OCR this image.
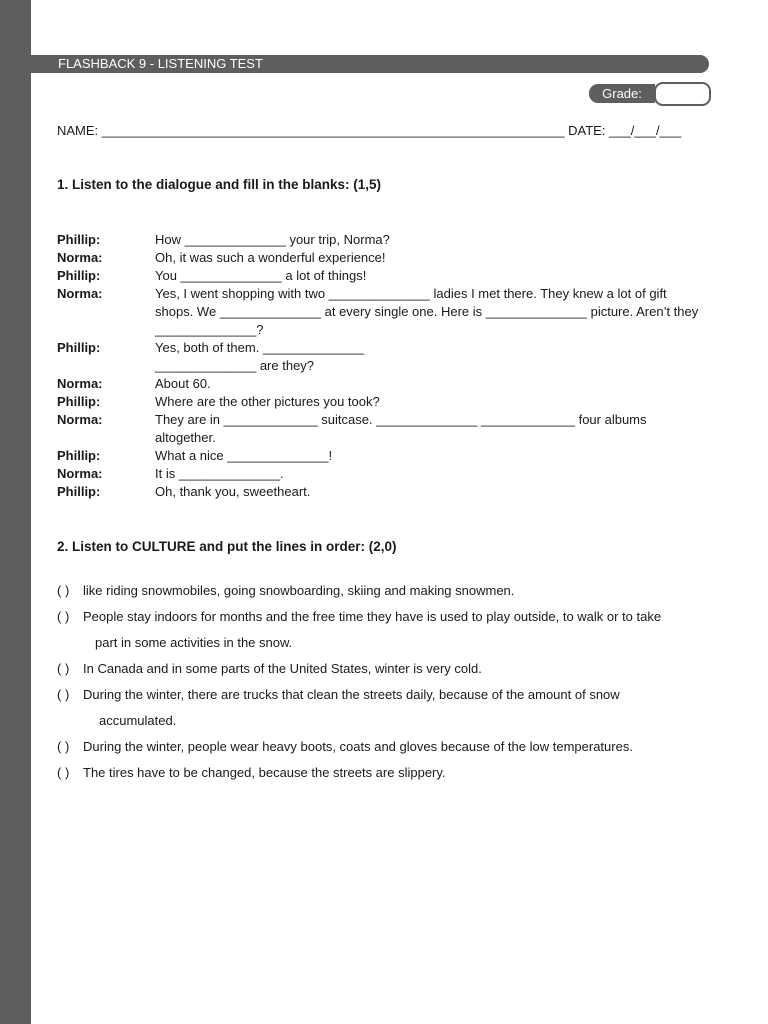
FLASHBACK 9 - LISTENING TEST
Grade:
NAME: ________________________________________________________________ DATE: ___/___/___
1. Listen to the dialogue and fill in the blanks: (1,5)
Phillip:	How ______________ your trip, Norma?
Norma:	Oh, it was such a wonderful experience!
Phillip:	You ______________ a lot of things!
Norma:	Yes, I went shopping with two ______________ ladies I met there. They knew a lot of gift shops. We ______________ at every single one. Here is ______________ picture. Aren’t they ______________?
Phillip:	Yes, both of them. ______________ ______________ are they?
Norma:	About 60.
Phillip:	Where are the other pictures you took?
Norma:	They are in _____________ suitcase. ______________ _____________ four albums altogether.
Phillip:	What a nice ______________!
Norma:	It is ______________.
Phillip:	Oh, thank you, sweetheart.
2. Listen to CULTURE and put the lines in order: (2,0)
( ) like riding snowmobiles, going snowboarding, skiing and making snowmen.
( ) People stay indoors for months and the free time they have is used to play outside, to walk or to take
part in some activities in the snow.
( ) In Canada and in some parts of the United States, winter is very cold.
( ) During the winter, there are trucks that clean the streets daily, because of the amount of snow
accumulated.
( ) During the winter, people wear heavy boots, coats and gloves because of the low temperatures.
( ) The tires have to be changed, because the streets are slippery.
